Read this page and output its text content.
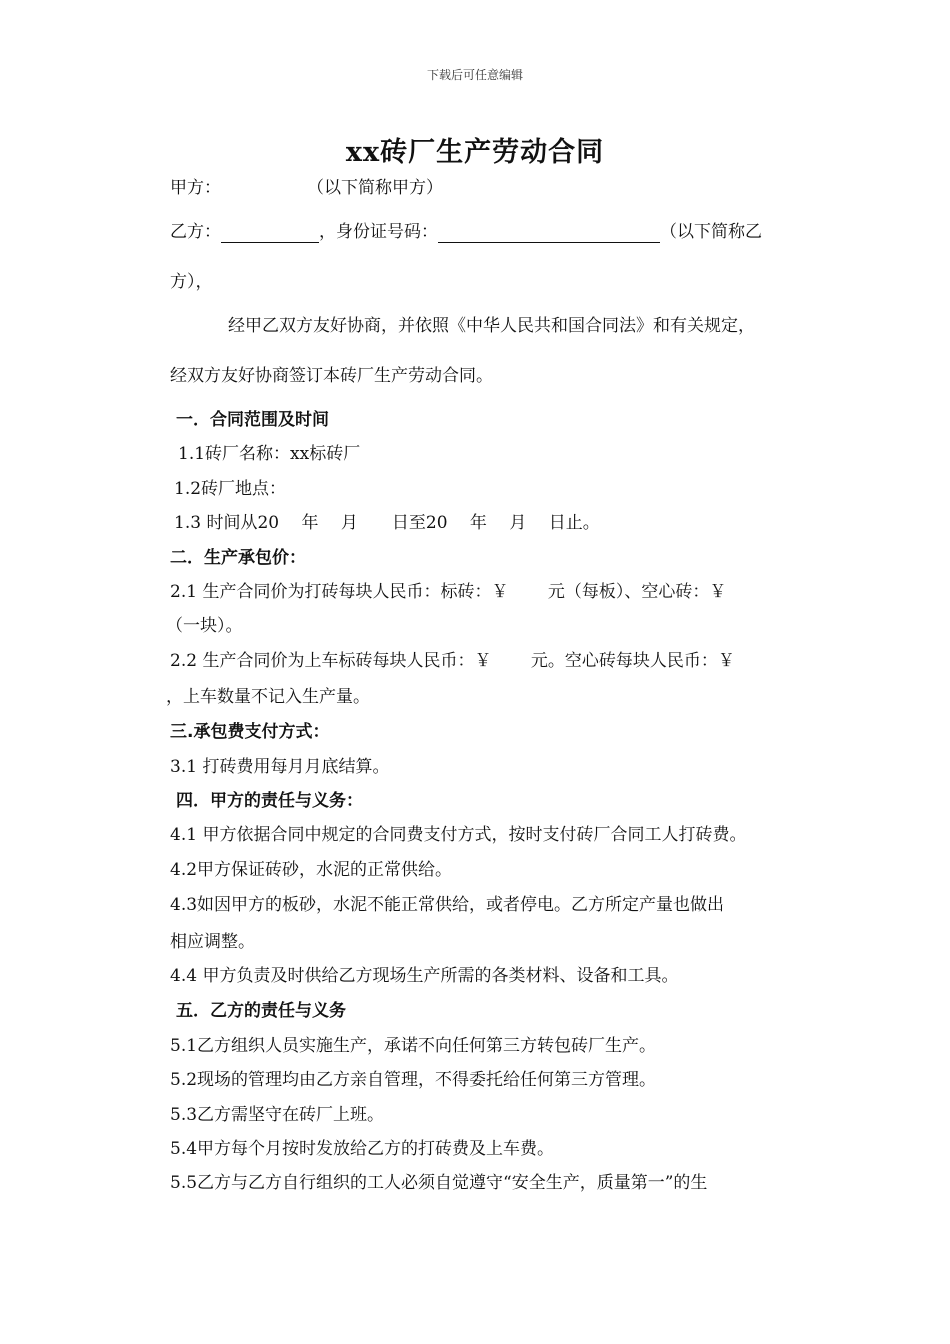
下载后可任意编辑
xx砖厂生产劳动合同
甲方：	（以下简称甲方）
乙方：	，身份证号码：	（以下简称乙
方），
经甲乙双方友好协商，并依照《中华人民共和国合同法》和有关规定，
经双方友好协商签订本砖厂生产劳动合同。
一．合同范围及时间
1.1砖厂名称：xx标砖厂
1.2砖厂地点：
1.3 时间从20　 年　 月　　日至20　 年　 月　 日止。
二．生产承包价：
2.1 生产合同价为打砖每块人民币：标砖：￥　　 元（每板）、空心砖：￥
（一块）。
2.2 生产合同价为上车标砖每块人民币：￥　　 元。空心砖每块人民币：￥
，上车数量不记入生产量。
三.承包费支付方式：
3.1 打砖费用每月月底结算。
四．甲方的责任与义务：
4.1 甲方依据合同中规定的合同费支付方式，按时支付砖厂合同工人打砖费。
4.2甲方保证砖砂，水泥的正常供给。
4.3如因甲方的板砂，水泥不能正常供给，或者停电。乙方所定产量也做出
相应调整。
4.4 甲方负责及时供给乙方现场生产所需的各类材料、设备和工具。
五．乙方的责任与义务
5.1乙方组织人员实施生产，承诺不向任何第三方转包砖厂生产。
5.2现场的管理均由乙方亲自管理，不得委托给任何第三方管理。
5.3乙方需坚守在砖厂上班。
5.4甲方每个月按时发放给乙方的打砖费及上车费。
5.5乙方与乙方自行组织的工人必须自觉遵守“安全生产，质量第一”的生
